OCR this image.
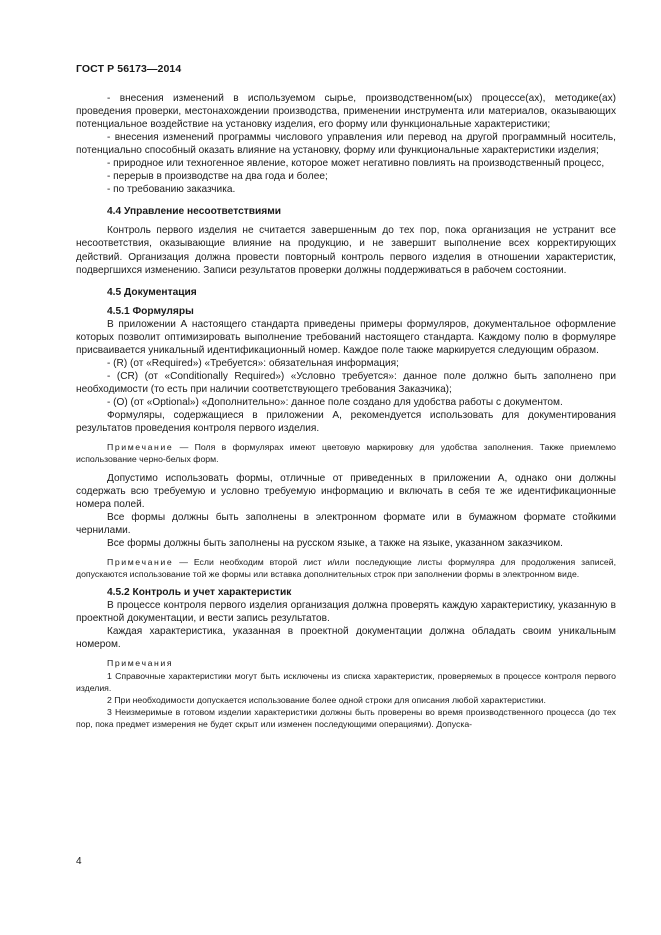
ГОСТ Р 56173—2014

- внесения изменений в используемом сырье, производственном(ых) процессе(ах), методике(ах) проведения проверки, местонахождении производства, применении инструмента или материалов, оказывающих потенциальное воздействие на установку изделия, его форму или функциональные характеристики;

- внесения изменений программы числового управления или перевод на другой программный носитель, потенциально способный оказать влияние на установку, форму или функциональные характеристики изделия;

- природное или техногенное явление, которое может негативно повлиять на производственный процесс,

- перерыв в производстве на два года и более;

- по требованию заказчика.

4.4 Управление несоответствиями

Контроль первого изделия не считается завершенным до тех пор, пока организация не устранит все несоответствия, оказывающие влияние на продукцию, и не завершит выполнение всех корректирующих действий. Организация должна провести повторный контроль первого изделия в отношении характеристик, подвергшихся изменению. Записи результатов проверки должны поддерживаться в рабочем состоянии.

4.5 Документация

4.5.1 Формуляры

В приложении А настоящего стандарта приведены примеры формуляров, документальное оформление которых позволит оптимизировать выполнение требований настоящего стандарта. Каждому полю в формуляре присваивается уникальный идентификационный номер. Каждое поле также маркируется следующим образом.

- (R) (от «Required») «Требуется»: обязательная информация;

- (CR) (от «Conditionally Required») «Условно требуется»: данное поле должно быть заполнено при необходимости (то есть при наличии соответствующего требования Заказчика);

- (О) (от «Optional») «Дополнительно»: данное поле создано для удобства работы с документом.

Формуляры, содержащиеся в приложении А, рекомендуется использовать для документирования результатов проведения контроля первого изделия.

Примечание — Поля в формулярах имеют цветовую маркировку для удобства заполнения. Также приемлемо использование черно-белых форм.

Допустимо использовать формы, отличные от приведенных в приложении А, однако они должны содержать всю требуемую и условно требуемую информацию и включать в себя те же идентификационные номера полей.

Все формы должны быть заполнены в электронном формате или в бумажном формате стойкими чернилами.

Все формы должны быть заполнены на русском языке, а также на языке, указанном заказчиком.

Примечание — Если необходим второй лист и/или последующие листы формуляра для продолжения записей, допускаются использование той же формы или вставка дополнительных строк при заполнении формы в электронном виде.

4.5.2 Контроль и учет характеристик

В процессе контроля первого изделия организация должна проверять каждую характеристику, указанную в проектной документации, и вести запись результатов.

Каждая характеристика, указанная в проектной документации должна обладать своим уникальным номером.

Примечания

1 Справочные характеристики могут быть исключены из списка характеристик, проверяемых в процессе контроля первого изделия.

2 При необходимости допускается использование более одной строки для описания любой характеристики.

3 Неизмеримые в готовом изделии характеристики должны быть проверены во время производственного процесса (до тех пор, пока предмет измерения не будет скрыт или изменен последующими операциями). Допуска-

4
